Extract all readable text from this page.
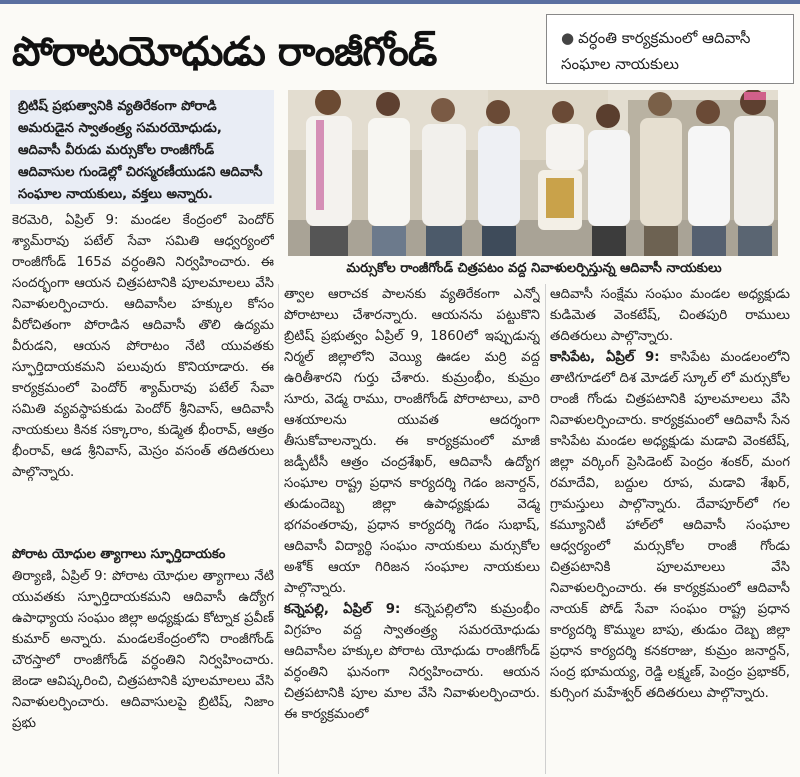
పోరాటయోధుడు రాంజీగోండ్	● వర్ధంతి కార్యక్రమంలో ఆదివాసీ సంఘాల నాయకులు
బ్రిటిష్ ప్రభుత్వానికి వ్యతిరేకంగా పోరాడి అమరుడైన స్వాతంత్ర్య సమరయోధుడు, ఆదివాసీ వీరుడు మర్సుకోల రాంజీగోండ్ ఆదివాసుల గుండెల్లో చిరస్మరణీయుడని ఆదివాసీ సంఘాల నాయకులు, వక్తలు అన్నారు.
మర్సుకోల రాంజీగోండ్ చిత్రపటం వద్ద నివాళులర్పిస్తున్న ఆదివాసీ నాయకులు

కెరమెరి, ఏప్రిల్ 9: మండల కేంద్రంలో పెందోర్ శ్యామ్‌రావు పటేల్ సేవా సమితి ఆధ్వర్యంలో రాంజీగోండ్ 165వ వర్ధంతిని నిర్వహించారు. ఈ సందర్భంగా ఆయన చిత్రపటానికి పూలమాలలు వేసి నివాళులర్పించారు. ఆదివాసీల హక్కుల కోసం వీరోచితంగా పోరాడిన ఆదివాసీ తొలి ఉద్యమ వీరుడని, ఆయన పోరాటం నేటి యువతకు స్ఫూర్తిదాయకమని పలువురు కొనియాడారు. ఈ కార్యక్రమంలో పెందోర్ శ్యామ్‌రావు పటేల్ సేవా సమితి వ్యవస్థాపకుడు పెందోర్ శ్రీనివాస్, ఆదివాసీ నాయకులు కినక సక్కారాం, కుడ్మెత భీంరావ్, ఆత్రం భీంరావ్, ఆడ శ్రీనివాస్, మెస్రం వసంత్ తదితరులు పాల్గొన్నారు.

పోరాట యోధుల త్యాగాలు స్ఫూర్తిదాయకం

తిర్యాణి, ఏప్రిల్ 9: పోరాట యోధుల త్యాగాలు నేటి యువతకు స్ఫూర్తిదాయకమని ఆదివాసీ ఉద్యోగ ఉపాధ్యాయ సంఘం జిల్లా అధ్యక్షుడు కోట్నాక ప్రవీణ్ కుమార్ అన్నారు. మండలకేంద్రంలోని రాంజీగోండ్ చౌరస్తాలో రాంజీగోండ్ వర్ధంతిని నిర్వహించారు. జెండా ఆవిష్కరించి, చిత్రపటానికి పూలమాలలు వేసి నివాళులర్పించారు. ఆదివాసులపై బ్రిటిష్, నిజాం ప్రభు

త్వాల ఆరాచక పాలనకు వ్యతిరేకంగా ఎన్నో పోరాటాలు చేశారన్నారు. ఆయనను పట్టుకొని బ్రిటిష్ ప్రభుత్వం ఏప్రిల్ 9, 1860లో ఇప్పుడున్న నిర్మల్ జిల్లాలోని వెయ్యి ఊడల మర్రి వద్ద ఉరితీశారని గుర్తు చేశారు. కుమ్రంభీం, కుమ్రం సూరు, వెడ్మ రాము, రాంజీగోండ్ పోరాటాలు, వారి ఆశయాలను యువత ఆదర్శంగా తీసుకోవాలన్నారు. ఈ కార్యక్రమంలో మాజీ జడ్పీటీసీ ఆత్రం చంద్రశేఖర్, ఆదివాసీ ఉద్యోగ సంఘాల రాష్ట్ర ప్రధాన కార్యదర్శి గెడం జనార్దన్, తుడుందెబ్బ జిల్లా ఉపాధ్యక్షుడు వెడ్మ భగవంతరావు, ప్రధాన కార్యదర్శి గెడం సుభాష్, ఆదివాసీ విద్యార్థి సంఘం నాయకులు మర్సుకోల అశోక్ ఆయా గిరిజన సంఘాల నాయకులు పాల్గొన్నారు.

కన్నెపల్లి, ఏప్రిల్ 9: కన్నెపల్లిలోని కుమ్రంభీం విగ్రహం వద్ద స్వాతంత్ర్య సమరయోధుడు ఆదివాసీల హక్కుల పోరాట యోధుడు రాంజీగోండ్ వర్ధంతిని ఘనంగా నిర్వహించారు. ఆయన చిత్రపటానికి పూల మాల వేసి నివాళులర్పించారు. ఈ కార్యక్రమంలో

ఆదివాసీ సంక్షేమ సంఘం మండల అధ్యక్షుడు కుడిమెత వెంకటేష్, చింతపురి రాములు తదితరులు పాల్గొన్నారు.

కాసిపేట, ఏప్రిల్ 9: కాసిపేట మండలంలోని తాటిగూడలో దిశ మోడల్ స్కూల్ లో మర్సుకోల రాంజీ గోండు చిత్రపటానికి పూలమాలలు వేసి నివాళులర్పించారు. కార్యక్రమంలో ఆదివాసీ సేన కాసిపేట మండల అధ్యక్షుడు మడావి వెంకటేష్, జిల్లా వర్కింగ్ ప్రెసిడెంట్ పెంద్రం శంకర్, మంగ రమాదేవి, బద్దుల రూప, మడావి శేఖర్, గ్రామస్తులు పాల్గొన్నారు. దేవాపూర్‌లో గల కమ్యూనిటీ హాల్‌లో ఆదివాసీ సంఘాల ఆధ్వర్యంలో మర్సుకోల రాంజీ గోండు చిత్రపటానికి పూలమాలలు వేసి నివాళులర్పించారు. ఈ కార్యక్రమంలో ఆదివాసీ నాయక్ పోడ్ సేవా సంఘం రాష్ట్ర ప్రధాన కార్యదర్శి కొమ్ముల బాపు, తుడుం దెబ్బ జిల్లా ప్రధాన కార్యదర్శి కనకరాజు, కుమ్రం జనార్దన్, సంద్ర భూమయ్య, రెడ్డి లక్ష్మణ్, పెంద్రం ప్రభాకర్, కుర్సింగ మహేశ్వర్ తదితరులు పాల్గొన్నారు.
